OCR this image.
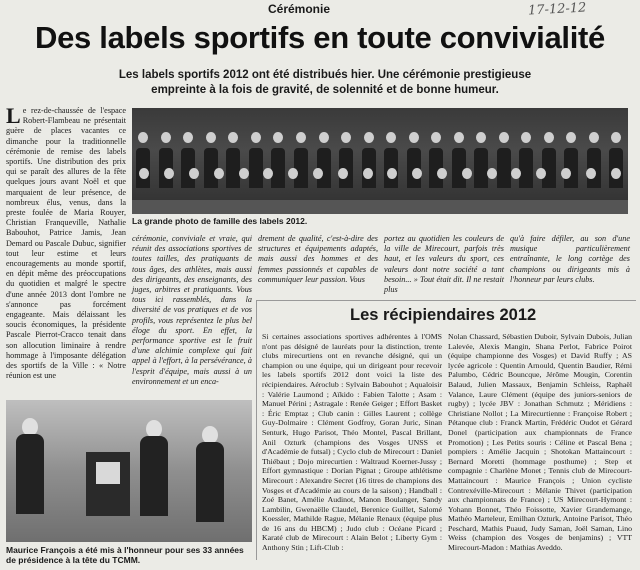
Cérémonie	17-12-12
Des labels sportifs en toute convivialité

Les labels sportifs 2012 ont été distribués hier. Une cérémonie prestigieuse empreinte à la fois de gravité, de solennité et de bonne humeur.

Le rez-de-chaussée de l'espace Robert-Flambeau ne présentait guère de places vacantes ce dimanche pour la traditionnelle cérémonie de remise des labels sportifs. Une distribution des prix qui se paraît des allures de la fête quelques jours avant Noël et que marquaient de leur présence, de nombreux élus, venus, dans la preste foulée de Maria Rouyer, Christian Franqueville, Nathalie Babouhot, Patrice Jamis, Jean Demard ou Pascale Dubuc, signifier tout leur estime et leurs encouragements au monde sportif, en dépit même des préoccupations du quotidien et malgré le spectre d'une année 2013 dont l'ombre ne s'annonce pas forcément engageante. Mais délaissant les soucis économiques, la présidente Pascale Pierrot-Cracco tenait dans son allocution liminaire à rendre hommage à l'imposante délégation des sportifs de la Ville : « Notre réunion est une
La grande photo de famille des labels 2012.
cérémonie, conviviale et vraie, qui réunit des associations sportives de toutes tailles, des pratiquants de tous âges, des athlètes, mais aussi des dirigeants, des enseignants, des juges, arbitres et pratiquants. Vous tous ici rassemblés, dans la diversité de vos pratiques et de vos profils, vous représentez le plus bel éloge du sport. En effet, la performance sportive est le fruit d'une alchimie complexe qui fait appel à l'effort, à la persévérance, à l'esprit d'équipe, mais aussi à un environnement et un enca-
drement de qualité, c'est-à-dire des structures et équipements adaptés, mais aussi des hommes et des femmes passionnés et capables de communiquer leur passion. Vous
portez au quotidien les couleurs de la ville de Mirecourt, parfois très haut, et les valeurs du sport, ces valeurs dont notre société a tant besoin... » Tout était dit. Il ne restait plus
qu'à faire défiler, au son d'une musique particulièrement entraînante, le long cortège des champions ou dirigeants mis à l'honneur par leurs clubs.
Les récipiendaires 2012
Si certaines associations sportives adhérentes à l'OMS n'ont pas désigné de lauréats pour la distinction, trente clubs mirecurtiens ont en revanche désigné, qui un champion ou une équipe, qui un dirigeant pour recevoir les labels sportifs 2012 dont voici la liste des récipiendaires. Aéroclub : Sylvain Babouhot ; Aqualoisir : Valérie Laumond ; Aïkido : Fabien Talotte ; Asam : Manuel Périni ; Astragale : Renée Geiger ; Effort Basket : Éric Emptaz ; Club canin : Gilles Laurent ; collège Guy-Dolmaire : Clément Godfroy, Goran Juric, Sinan Senturk, Hugo Parisot, Théo Montel, Pascal Brillant, Anil Ozturk (champions des Vosges UNSS et d'Académie de futsal) ; Cyclo club de Mirecourt : Daniel Thiébaut ; Dojo mirecurtien : Waltraud Koerner-Jussy ; Effort gymnastique : Dorian Pignat ; Groupe athlétisme Mirecourt : Alexandre Secret (16 titres de champions des Vosges et d'Académie au cours de la saison) ; Handball : Zoé Banet, Amélie Audinot, Manon Boulanger, Sandy Lambilin, Gwenaëlle Claudel, Berenice Guillet, Salomé Koessler, Mathilde Rague, Mélanie Renaux (équipe plus de 16 ans du HBCM) ; Judo club : Océane Picard ; Karaté club de Mirecourt : Alain Belot ; Liberty Gym : Anthony Stin ; Lift-Club :
Nolan Chassard, Sébastien Duboir, Sylvain Dubois, Julian Lalevée, Alexis Mangin, Shana Perlot, Fabrice Poirot (équipe championne des Vosges) et David Ruffy ; AS lycée agricole : Quentin Arnould, Quentin Baudier, Rémi Palumbo, Cédric Bouncque, Jérôme Mougin, Corentin Balaud, Julien Massaux, Benjamin Schleiss, Raphaël Valance, Laure Clément (équipe des juniors-seniors de rugby) ; lycée JBV : Jonathan Schmutz ; Méridiens : Christiane Nollot ; La Mirecurtienne : Françoise Robert ; Pétanque club : Franck Martin, Frédéric Oudot et Gérard Donel (participation aux championnats de France Promotion) ; Les Petits souris : Céline et Pascal Bena ; pompiers : Amélie Jacquin ; Shotokan Mattaincourt : Bernard Moretti (hommage posthume) ; Step et compagnie : Charlène Monet ; Tennis club de Mirecourt-Mattaincourt : Maurice François ; Union cycliste Contrexéville-Mirecourt : Mélanie Thivet (participation aux championnats de France) ; US Mirecourt-Hymont : Yohann Bonnet, Théo Foissotte, Xavier Grandemange, Mathéo Marteleur, Emilhan Ozturk, Antoine Parisot, Théo Peschard, Mathis Puaud, Judy Saman, Joël Saman, Lino Weiss (champion des Vosges de benjamins) ; VTT Mirecourt-Madon : Mathias Aveddo.
Maurice François a été mis à l'honneur pour ses 33 années de présidence à la tête du TCMM.
